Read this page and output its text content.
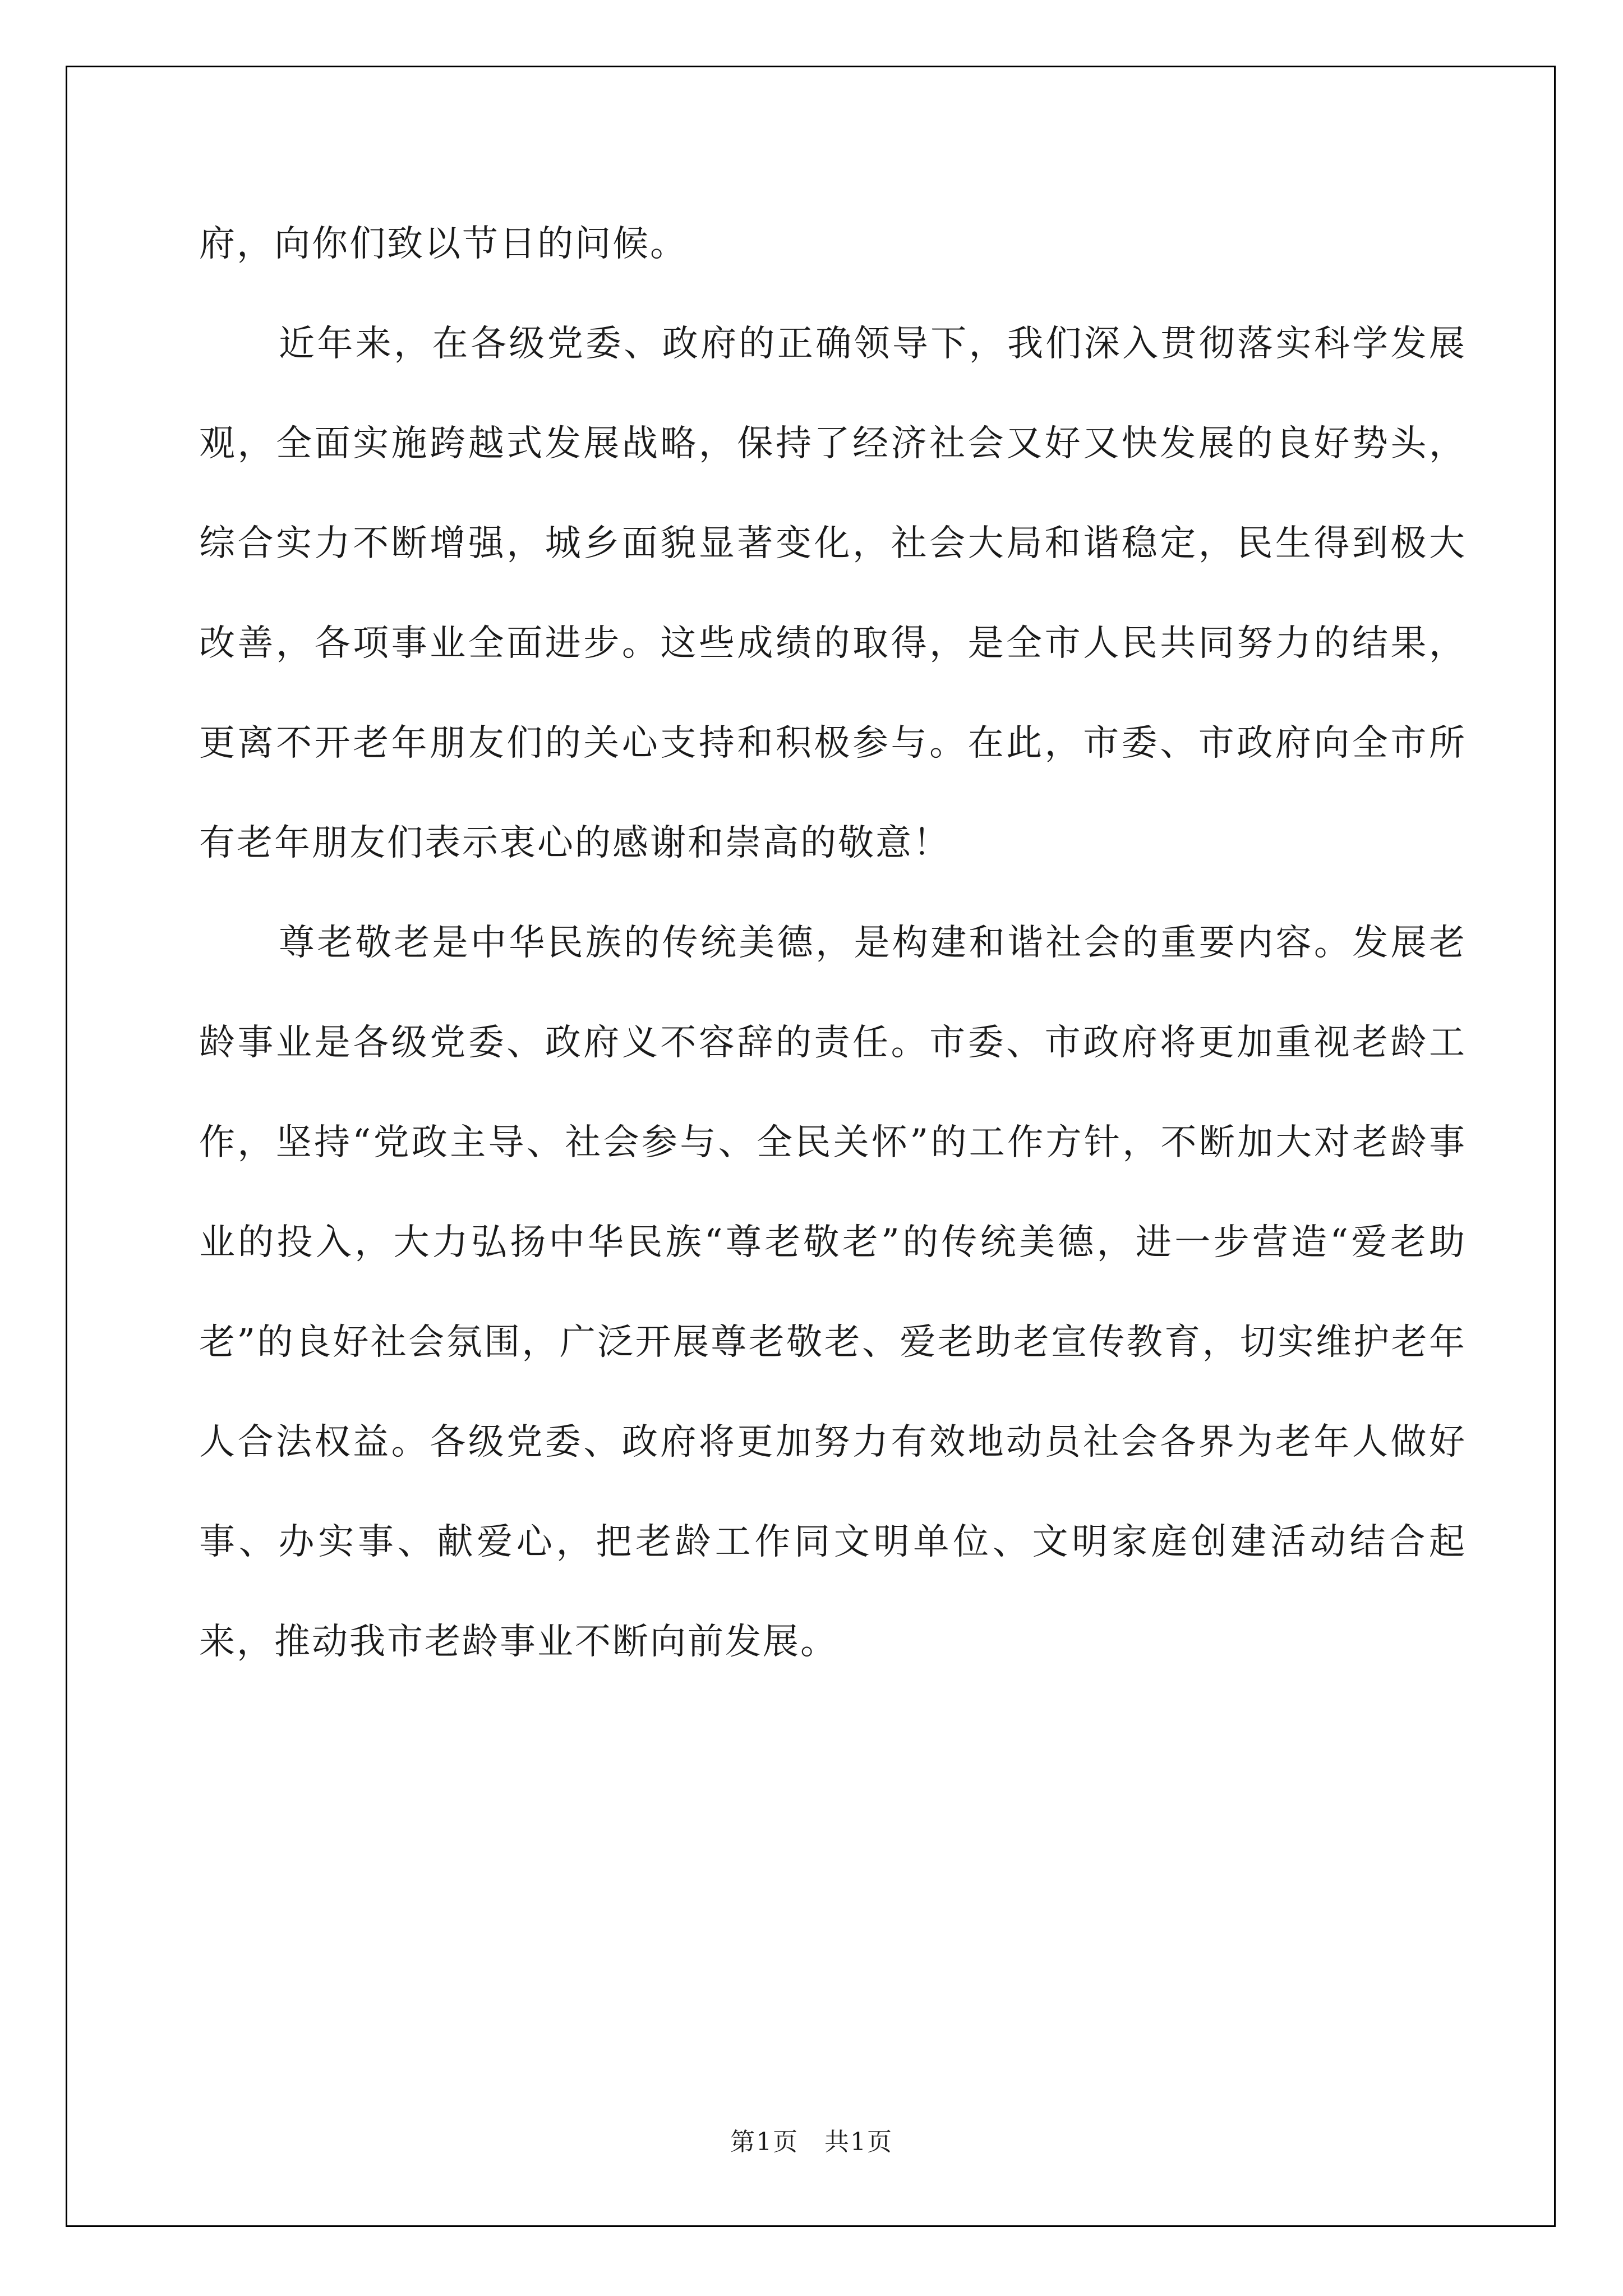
府，向你们致以节日的问候。

近年来，在各级党委、政府的正确领导下，我们深入贯彻落实科学发展观，全面实施跨越式发展战略，保持了经济社会又好又快发展的良好势头，综合实力不断增强，城乡面貌显著变化，社会大局和谐稳定，民生得到极大改善，各项事业全面进步。这些成绩的取得，是全市人民共同努力的结果，更离不开老年朋友们的关心支持和积极参与。在此，市委、市政府向全市所有老年朋友们表示衷心的感谢和崇高的敬意！

尊老敬老是中华民族的传统美德，是构建和谐社会的重要内容。发展老龄事业是各级党委、政府义不容辞的责任。市委、市政府将更加重视老龄工作，坚持“党政主导、社会参与、全民关怀”的工作方针，不断加大对老龄事业的投入，大力弘扬中华民族“尊老敬老”的传统美德，进一步营造“爱老助老”的良好社会氛围，广泛开展尊老敬老、爱老助老宣传教育，切实维护老年人合法权益。各级党委、政府将更加努力有效地动员社会各界为老年人做好事、办实事、献爱心，把老龄工作同文明单位、文明家庭创建活动结合起来，推动我市老龄事业不断向前发展。

第1页　共1页
